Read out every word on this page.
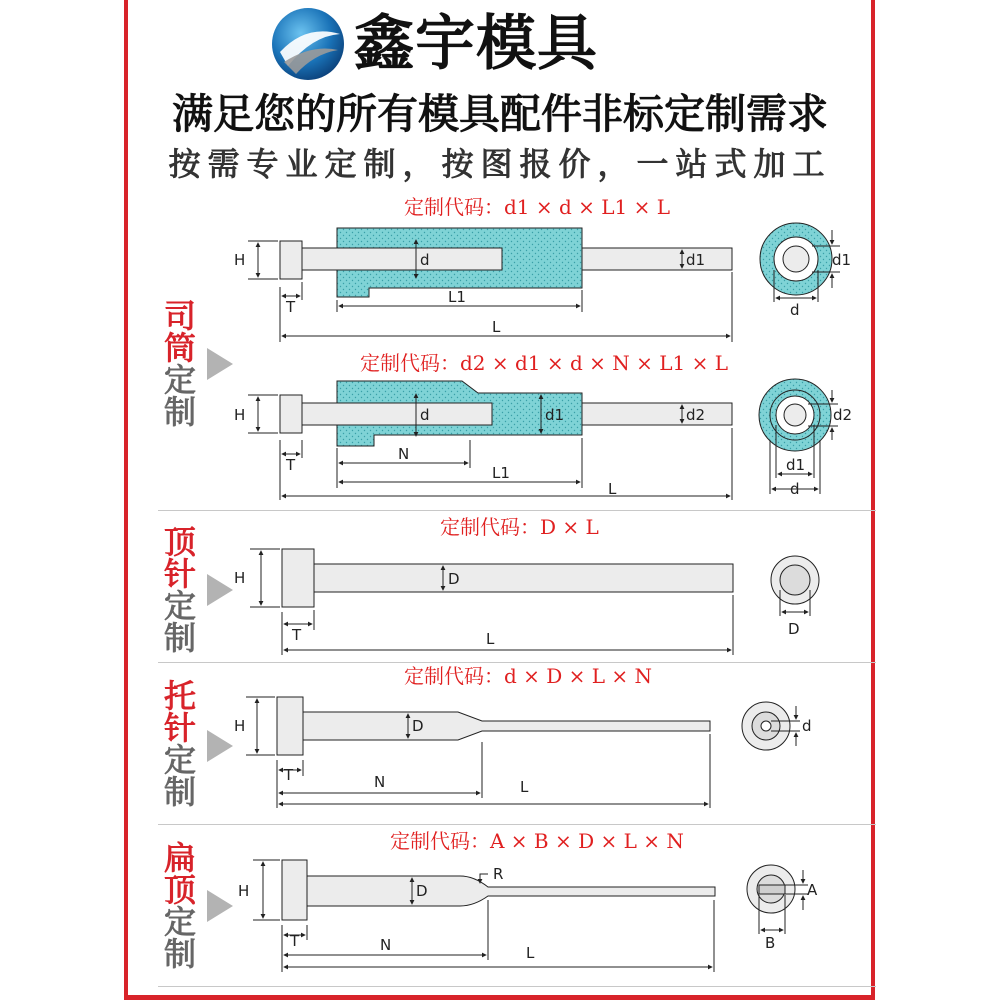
鑫宇模具
满足您的所有模具配件非标定制需求
按需专业定制，按图报价，一站式加工
定制代码：d1 × d × L1 × L
定制代码：d2 × d1 × d × N × L1 × L
定制代码：D × L
定制代码：d × D × L × N
定制代码：A × B × D × L × N
司
筒
定
制
顶
针
定
制
托
针
定
制
扁
顶
定
制
H
T
d
L1
L
d1	d1
d
H
T
d	d1	d2
N
L1
L
d2
d1
d
H
T
D
L
D
H
T
D
N	L
d
H
T
D
R
N	L
A
B
